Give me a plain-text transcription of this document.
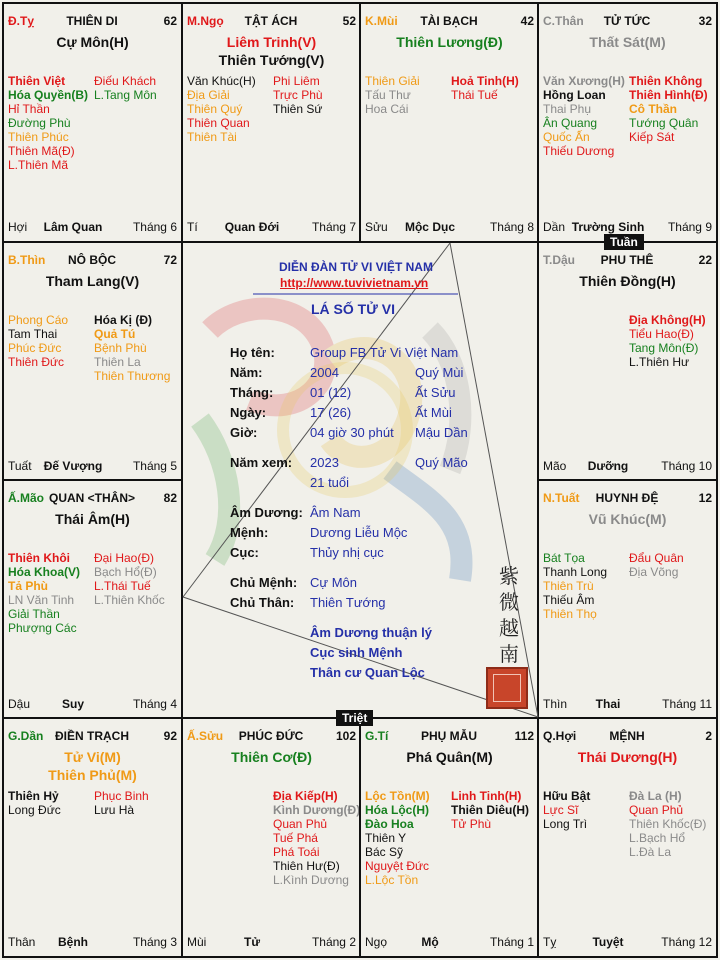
THIÊN DI
Đ.Tỵ	62
Cự Môn(H)
Thiên Việt
Hóa Quyền(B)
Hỉ Thần
Đường Phù
Thiên Phúc
Thiên Mã(Đ)
L.Thiên Mã
Điếu Khách
L.Tang Môn
Hợi	Lâm Quan	Tháng 6
TẬT ÁCH
M.Ngọ	52
Liêm Trinh(V)
Thiên Tướng(V)
Văn Khúc(H)
Địa Giải
Thiên Quý
Thiên Quan
Thiên Tài
Phi Liêm
Trực Phù
Thiên Sứ
Tí	Quan Đới	Tháng 7
TÀI BẠCH
K.Mùi	42
Thiên Lương(Đ)
Thiên Giải
Tấu Thư
Hoa Cái
Hoả Tinh(H)
Thái Tuế
Sửu	Mộc Dục	Tháng 8
TỬ TỨC
C.Thân	32
Thất Sát(M)
Văn Xương(H)
Hồng Loan
Thai Phụ
Ân Quang
Quốc Ấn
Thiếu Dương
Thiên Không
Thiên Hình(Đ)
Cô Thần
Tướng Quân
Kiếp Sát
Dần Trường Sinh	Tháng 9
NÔ BỘC
B.Thìn	72
Tham Lang(V)
Phong Cáo
Tam Thai
Phúc Đức
Thiên Đức
Hóa Kị (Đ)
Quả Tú
Bệnh Phù
Thiên La
Thiên Thương
Tuất	Đế Vượng	Tháng 5
PHU THÊ
T.Dậu	22
Thiên Đồng(H)
Địa Không(H)
Tiểu Hao(Đ)
Tang Môn(Đ)
L.Thiên Hư
Mão	Dưỡng	Tháng 10
QUAN <THÂN>
Ấ.Mão	82
Thái Âm(H)
Thiên Khôi
Hóa Khoa(V)
Tả Phù
LN Văn Tinh
Giải Thần
Phượng Các
Đại Hao(Đ)
Bạch Hổ(Đ)
L.Thái Tuế
L.Thiên Khốc
Dậu	Suy	Tháng 4
HUYNH ĐỆ
N.Tuất	12
Vũ Khúc(M)
Bát Tọa
Thanh Long
Thiên Trù
Thiếu Âm
Thiên Thọ
Đẩu Quân
Địa Võng
Thìn	Thai	Tháng 11
ĐIỀN TRẠCH
G.Dần	92
Tử Vi(M)
Thiên Phủ(M)
Thiên Hỷ
Long Đức
Phục Binh
Lưu Hà
Thân	Bệnh	Tháng 3
PHÚC ĐỨC
Ấ.Sửu	102
Thiên Cơ(Đ)
Địa Kiếp(H)
Kình Dương(Đ)
Quan Phủ
Tuế Phá
Phá Toái
Thiên Hư(Đ)
L.Kình Dương
Mùi	Tử	Tháng 2
PHỤ MẪU
G.Tí	112
Phá Quân(M)
Lộc Tồn(M)
Hóa Lộc(H)
Đào Hoa
Thiên Y
Bác Sỹ
Nguyệt Đức
L.Lộc Tồn
Linh Tinh(H)
Thiên Diêu(H)
Tử Phù
Ngọ	Mộ	Tháng 1
MỆNH
Q.Hợi	2
Thái Dương(H)
Hữu Bật
Lực Sĩ
Long Trì
Đà La (H)
Quan Phủ
Thiên Khốc(Đ)
L.Bạch Hổ
L.Đà La
Tỵ	Tuyệt	Tháng 12
Tuần
Triệt
DIỄN ĐÀN TỬ VI VIỆT NAM
http://www.tuvivietnam.vn
LÁ SỐ TỬ VI
Họ tên:	Group FB Tử Vi Việt Nam
Năm:	2004	Quý Mùi
Tháng:	01 (12)	Ất Sửu
Ngày:	17 (26)	Ất Mùi
Giờ:	04 giờ 30 phút Mậu Dần
Năm xem: 2023	Quý Mão
21 tuổi
Âm Dương: Âm Nam
Mệnh:	Dương Liễu Mộc
Cục:	Thủy nhị cục
Chủ Mệnh: Cự Môn
Chủ Thân: Thiên Tướng
Âm Dương thuận lý
Cục sinh Mệnh
Thân cư Quan Lộc
紫 微 越 南
